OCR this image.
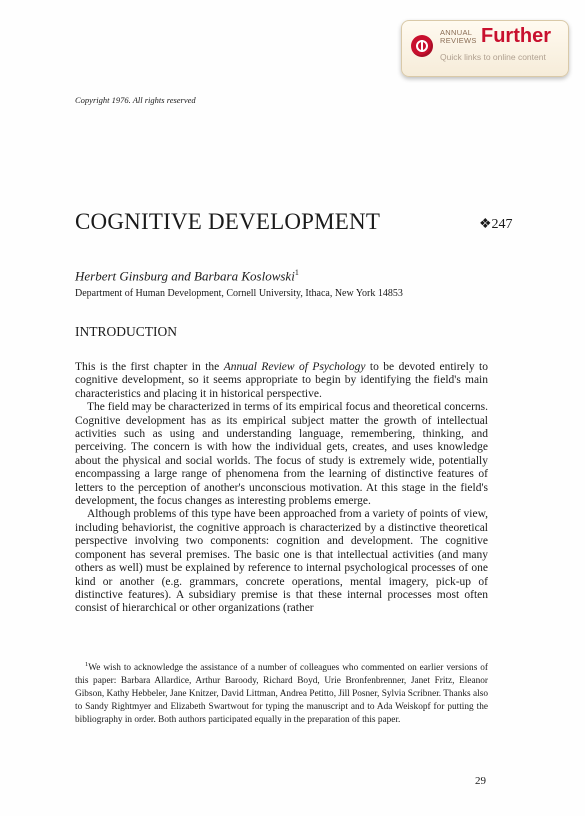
ANNUAL
REVIEWS Further
Quick links to online content
Copyright 1976. All rights reserved
COGNITIVE DEVELOPMENT	❖247
Herbert Ginsburg and Barbara Koslowski$^1$
Department of Human Development, Cornell University, Ithaca, New York 14853
INTRODUCTION

This is the first chapter in the Annual Review of Psychology to be devoted entirely to cognitive development, so it seems appropriate to begin by identifying the field's main characteristics and placing it in historical perspective.

The field may be characterized in terms of its empirical focus and theoretical concerns. Cognitive development has as its empirical subject matter the growth of intellectual activities such as using and understanding language, remembering, thinking, and perceiving. The concern is with how the individual gets, creates, and uses knowledge about the physical and social worlds. The focus of study is extremely wide, potentially encompassing a large range of phenomena from the learning of distinctive features of letters to the perception of another's unconscious motivation. At this stage in the field's development, the focus changes as interesting problems emerge.

Although problems of this type have been approached from a variety of points of view, including behaviorist, the cognitive approach is characterized by a distinctive theoretical perspective involving two components: cognition and development. The cognitive component has several premises. The basic one is that intellectual activities (and many others as well) must be explained by reference to internal psychological processes of one kind or another (e.g. grammars, concrete operations, mental imagery, pick-up of distinctive features). A subsidiary premise is that these internal processes most often consist of hierarchical or other organizations (rather

$^1$We wish to acknowledge the assistance of a number of colleagues who commented on earlier versions of this paper: Barbara Allardice, Arthur Baroody, Richard Boyd, Urie Bronfenbrenner, Janet Fritz, Eleanor Gibson, Kathy Hebbeler, Jane Knitzer, David Littman, Andrea Petitto, Jill Posner, Sylvia Scribner. Thanks also to Sandy Rightmyer and Elizabeth Swartwout for typing the manuscript and to Ada Weiskopf for putting the bibliography in order. Both authors participated equally in the preparation of this paper.

29
